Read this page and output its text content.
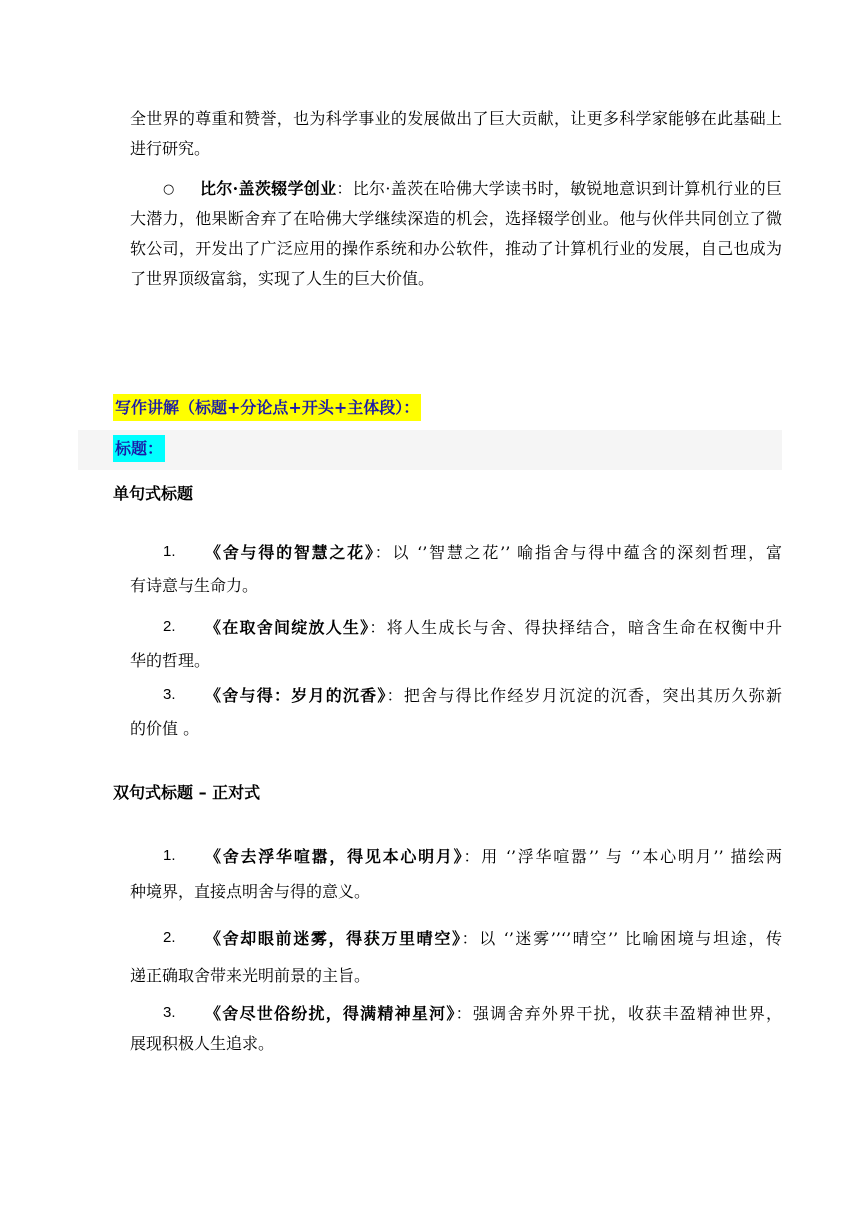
全世界的尊重和赞誉，也为科学事业的发展做出了巨大贡献，让更多科学家能够在此基础上进行研究。

○	比尔·盖茨辍学创业：比尔·盖茨在哈佛大学读书时，敏锐地意识到计算机行业的巨大潜力，他果断舍弃了在哈佛大学继续深造的机会，选择辍学创业。他与伙伴共同创立了微软公司，开发出了广泛应用的操作系统和办公软件，推动了计算机行业的发展，自己也成为了世界顶级富翁，实现了人生的巨大价值。

写作讲解（标题+分论点+开头+主体段）：
标题：
单句式标题
1. 《舍与得的智慧之花》：以 ‘’智慧之花’’ 喻指舍与得中蕴含的深刻哲理，富
有诗意与生命力。
2. 《在取舍间绽放人生》：将人生成长与舍、得抉择结合，暗含生命在权衡中升
华的哲理。
3. 《舍与得：岁月的沉香》：把舍与得比作经岁月沉淀的沉香，突出其历久弥新
的价值 。
双句式标题 – 正对式
1. 《舍去浮华喧嚣，得见本心明月》：用 ‘’浮华喧嚣’’ 与 ‘’本心明月’’ 描绘两
种境界，直接点明舍与得的意义。
2. 《舍却眼前迷雾，得获万里晴空》：以 ‘’迷雾’’‘’晴空’’ 比喻困境与坦途，传
递正确取舍带来光明前景的主旨。
3. 《舍尽世俗纷扰，得满精神星河》：强调舍弃外界干扰，收获丰盈精神世界，
展现积极人生追求。
